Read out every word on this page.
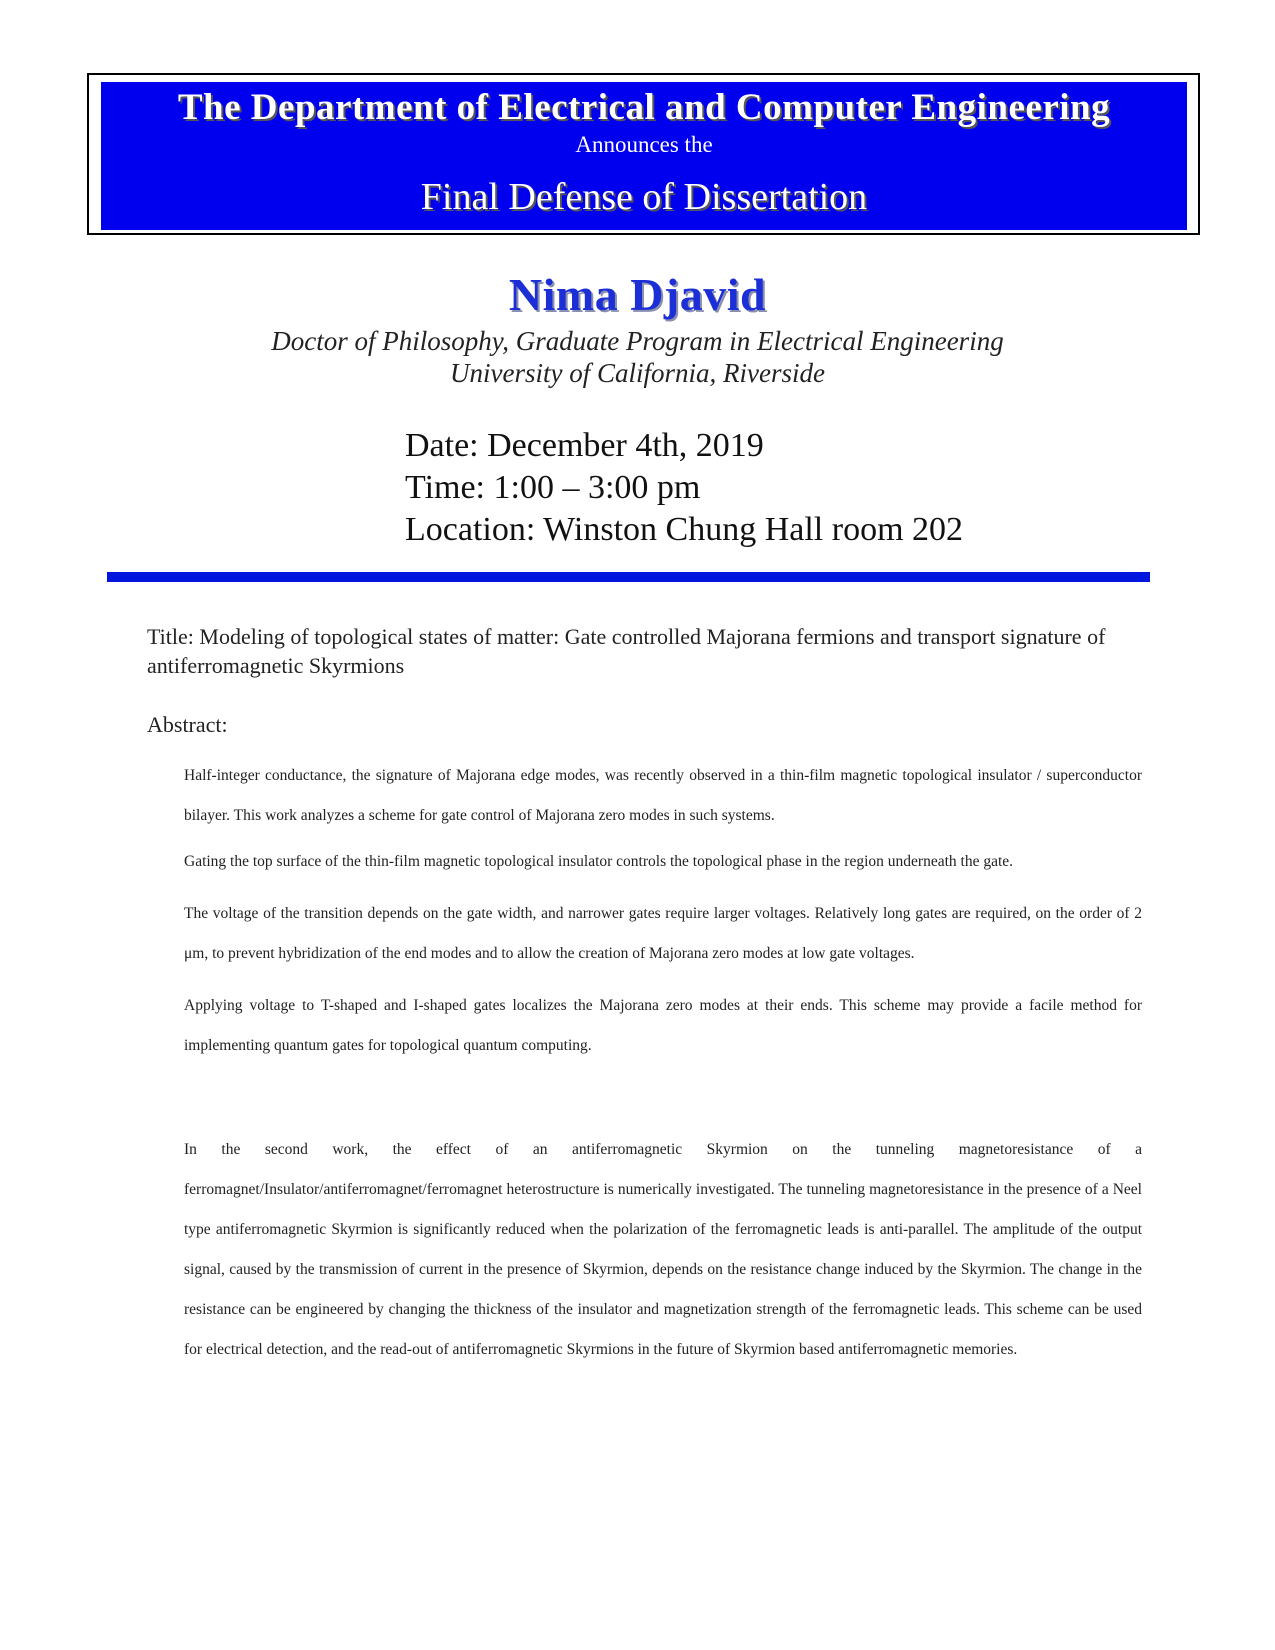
The Department of Electrical and Computer Engineering
Announces the
Final Defense of Dissertation
Nima Djavid
Doctor of Philosophy, Graduate Program in Electrical Engineering
University of California, Riverside
Date: December 4th, 2019
Time: 1:00 – 3:00 pm
Location: Winston Chung Hall room 202
Title: Modeling of topological states of matter: Gate controlled Majorana fermions and transport signature of antiferromagnetic Skyrmions
Abstract:

Half-integer conductance, the signature of Majorana edge modes, was recently observed in a thin-film magnetic topological insulator / superconductor bilayer. This work analyzes a scheme for gate control of Majorana zero modes in such systems.

Gating the top surface of the thin-film magnetic topological insulator controls the topological phase in the region underneath the gate.

The voltage of the transition depends on the gate width, and narrower gates require larger voltages. Relatively long gates are required, on the order of 2 μm, to prevent hybridization of the end modes and to allow the creation of Majorana zero modes at low gate voltages.

Applying voltage to T-shaped and I-shaped gates localizes the Majorana zero modes at their ends. This scheme may provide a facile method for implementing quantum gates for topological quantum computing.

In the second work, the effect of an antiferromagnetic Skyrmion on the tunneling magnetoresistance of a ferromagnet/Insulator/antiferromagnet/ferromagnet heterostructure is numerically investigated. The tunneling magnetoresistance in the presence of a Neel type antiferromagnetic Skyrmion is significantly reduced when the polarization of the ferromagnetic leads is anti-parallel. The amplitude of the output signal, caused by the transmission of current in the presence of Skyrmion, depends on the resistance change induced by the Skyrmion. The change in the resistance can be engineered by changing the thickness of the insulator and magnetization strength of the ferromagnetic leads. This scheme can be used for electrical detection, and the read-out of antiferromagnetic Skyrmions in the future of Skyrmion based antiferromagnetic memories.
